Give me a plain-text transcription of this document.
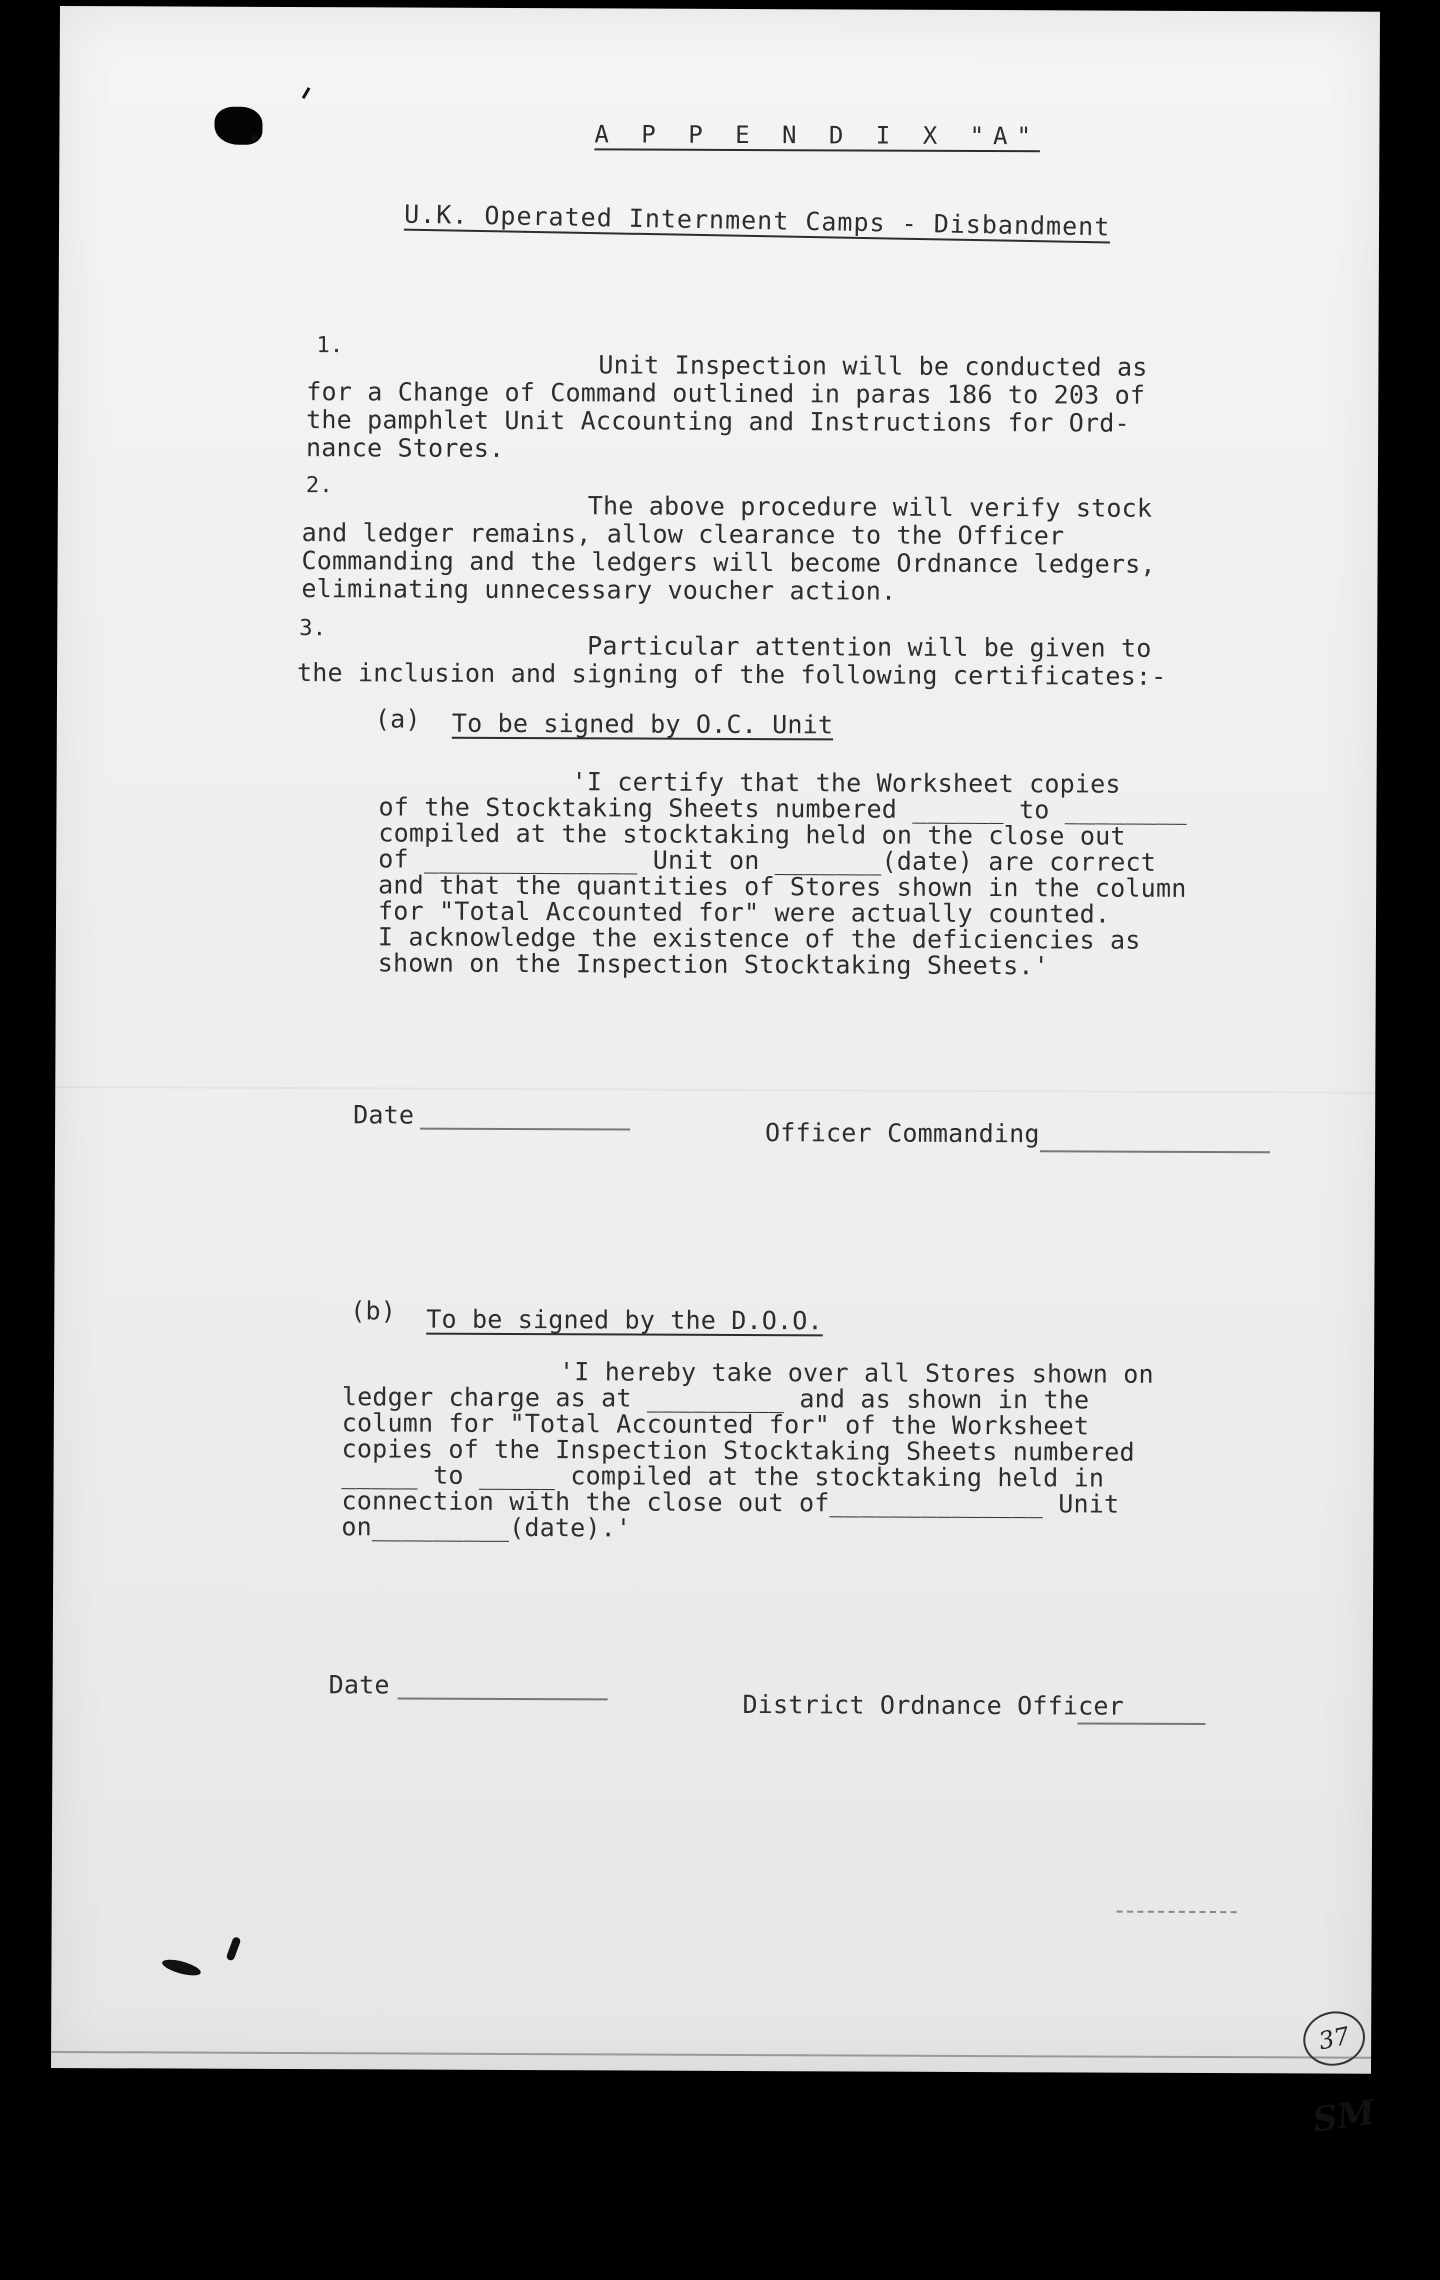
A P P E N D I X "A"

U.K. Operated Internment Camps - Disbandment

1.

Unit Inspection will be conducted as

for a Change of Command outlined in paras 186 to 203 of

the pamphlet Unit Accounting and Instructions for Ord-

nance Stores.

2.

The above procedure will verify stock

and ledger remains, allow clearance to the Officer

Commanding and the ledgers will become Ordnance ledgers,

eliminating unnecessary voucher action.

3.

Particular attention will be given to

the inclusion and signing of the following certificates:-

(a) To be signed by O.C. Unit

'I certify that the Worksheet copies

of the Stocktaking Sheets numbered ______ to ________

compiled at the stocktaking held on the close out

of ______________ Unit on _______(date) are correct

and that the quantities of Stores shown in the column

for "Total Accounted for" were actually counted.

I acknowledge the existence of the deficiencies as

shown on the Inspection Stocktaking Sheets.'

Date

Officer Commanding

(b) To be signed by the D.O.O.

'I hereby take over all Stores shown on

ledger charge as at _________ and as shown in the

column for "Total Accounted for" of the Worksheet

copies of the Inspection Stocktaking Sheets numbered

_____ to _____ compiled at the stocktaking held in

connection with the close out of______________ Unit

on_________(date).'

Date

District Ordnance Officer

37
SM
